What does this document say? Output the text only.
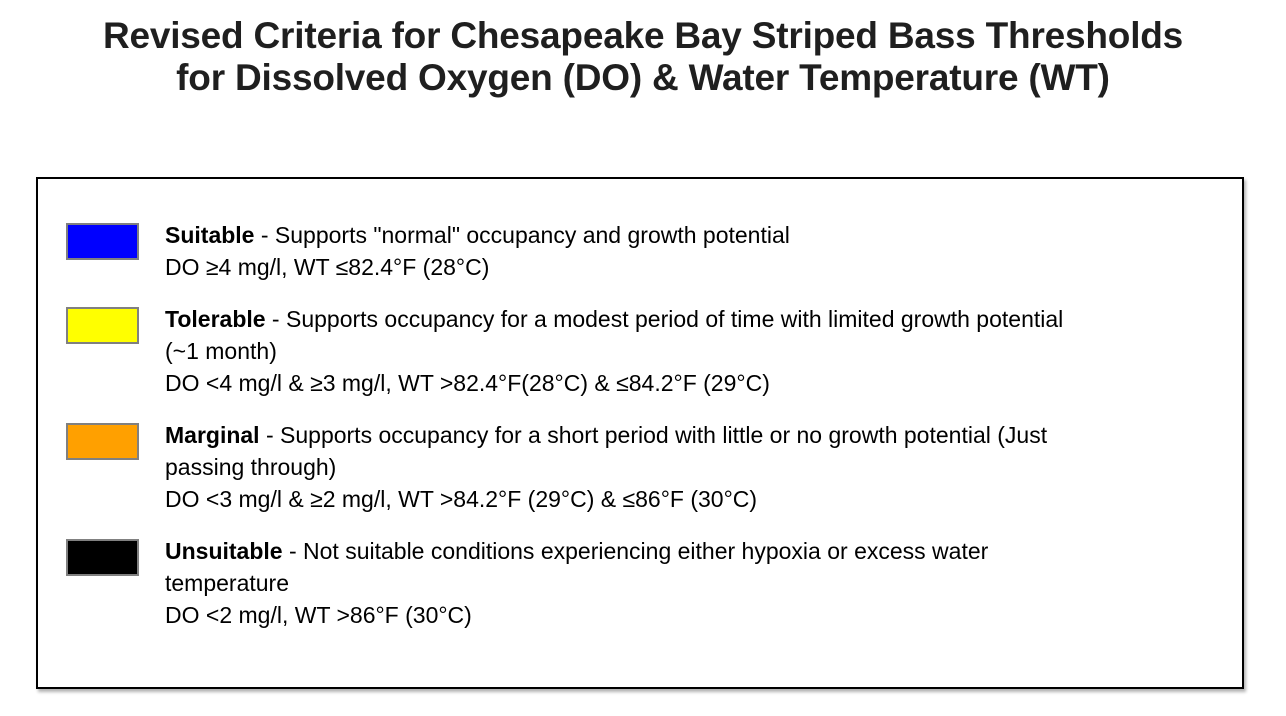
Revised Criteria for Chesapeake Bay Striped Bass Thresholds
for Dissolved Oxygen (DO) & Water Temperature (WT)
Suitable - Supports "normal" occupancy and growth potential
DO ≥4 mg/l, WT ≤82.4°F (28°C)
Tolerable - Supports occupancy for a modest period of time with limited growth potential
(~1 month)
DO <4 mg/l & ≥3 mg/l, WT >82.4°F(28°C) & ≤84.2°F (29°C)
Marginal - Supports occupancy for a short period with little or no growth potential (Just
passing through)
DO <3 mg/l & ≥2 mg/l, WT >84.2°F (29°C) & ≤86°F (30°C)
Unsuitable - Not suitable conditions experiencing either hypoxia or excess water
temperature
DO <2 mg/l, WT >86°F (30°C)
